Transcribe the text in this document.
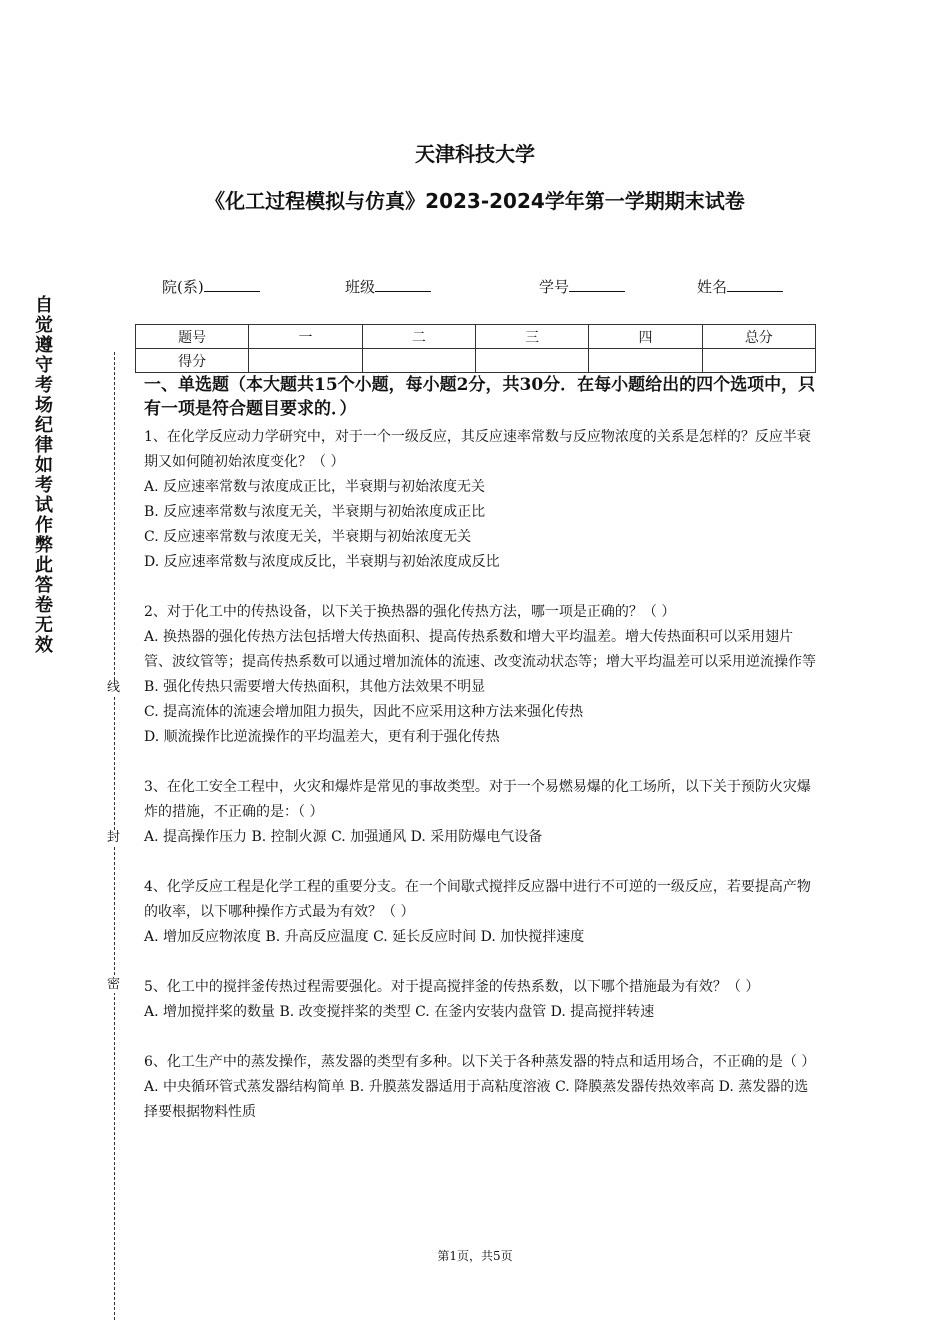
天津科技大学
《化工过程模拟与仿真》2023-2024学年第一学期期末试卷
院(系)	班级	学号	姓名
题号	一	二	三	四	总分
得分					
自觉遵守考场纪律如考试作弊此答卷无效
线
封
密
一、单选题（本大题共15个小题，每小题2分，共30分．在每小题给出的四个选项中，只有一项是符合题目要求的．）

1、在化学反应动力学研究中，对于一个一级反应，其反应速率常数与反应物浓度的关系是怎样的？反应半衰期又如何随初始浓度变化？（ ）

A. 反应速率常数与浓度成正比，半衰期与初始浓度无关

B. 反应速率常数与浓度无关，半衰期与初始浓度成正比

C. 反应速率常数与浓度无关，半衰期与初始浓度无关

D. 反应速率常数与浓度成反比，半衰期与初始浓度成反比

2、对于化工中的传热设备，以下关于换热器的强化传热方法，哪一项是正确的？（ ）

A. 换热器的强化传热方法包括增大传热面积、提高传热系数和增大平均温差。增大传热面积可以采用翅片管、波纹管等；提高传热系数可以通过增加流体的流速、改变流动状态等；增大平均温差可以采用逆流操作等

B. 强化传热只需要增大传热面积，其他方法效果不明显

C. 提高流体的流速会增加阻力损失，因此不应采用这种方法来强化传热

D. 顺流操作比逆流操作的平均温差大，更有利于强化传热

3、在化工安全工程中，火灾和爆炸是常见的事故类型。对于一个易燃易爆的化工场所，以下关于预防火灾爆炸的措施，不正确的是：（ ）

A. 提高操作压力 B. 控制火源 C. 加强通风 D. 采用防爆电气设备

4、化学反应工程是化学工程的重要分支。在一个间歇式搅拌反应器中进行不可逆的一级反应，若要提高产物的收率，以下哪种操作方式最为有效？（ ）

A. 增加反应物浓度 B. 升高反应温度 C. 延长反应时间 D. 加快搅拌速度

5、化工中的搅拌釜传热过程需要强化。对于提高搅拌釜的传热系数，以下哪个措施最为有效？（ ）

A. 增加搅拌桨的数量 B. 改变搅拌桨的类型 C. 在釜内安装内盘管 D. 提高搅拌转速

6、化工生产中的蒸发操作，蒸发器的类型有多种。以下关于各种蒸发器的特点和适用场合，不正确的是（ ）

A. 中央循环管式蒸发器结构简单 B. 升膜蒸发器适用于高粘度溶液 C. 降膜蒸发器传热效率高 D. 蒸发器的选择要根据物料性质

第1页，共5页
